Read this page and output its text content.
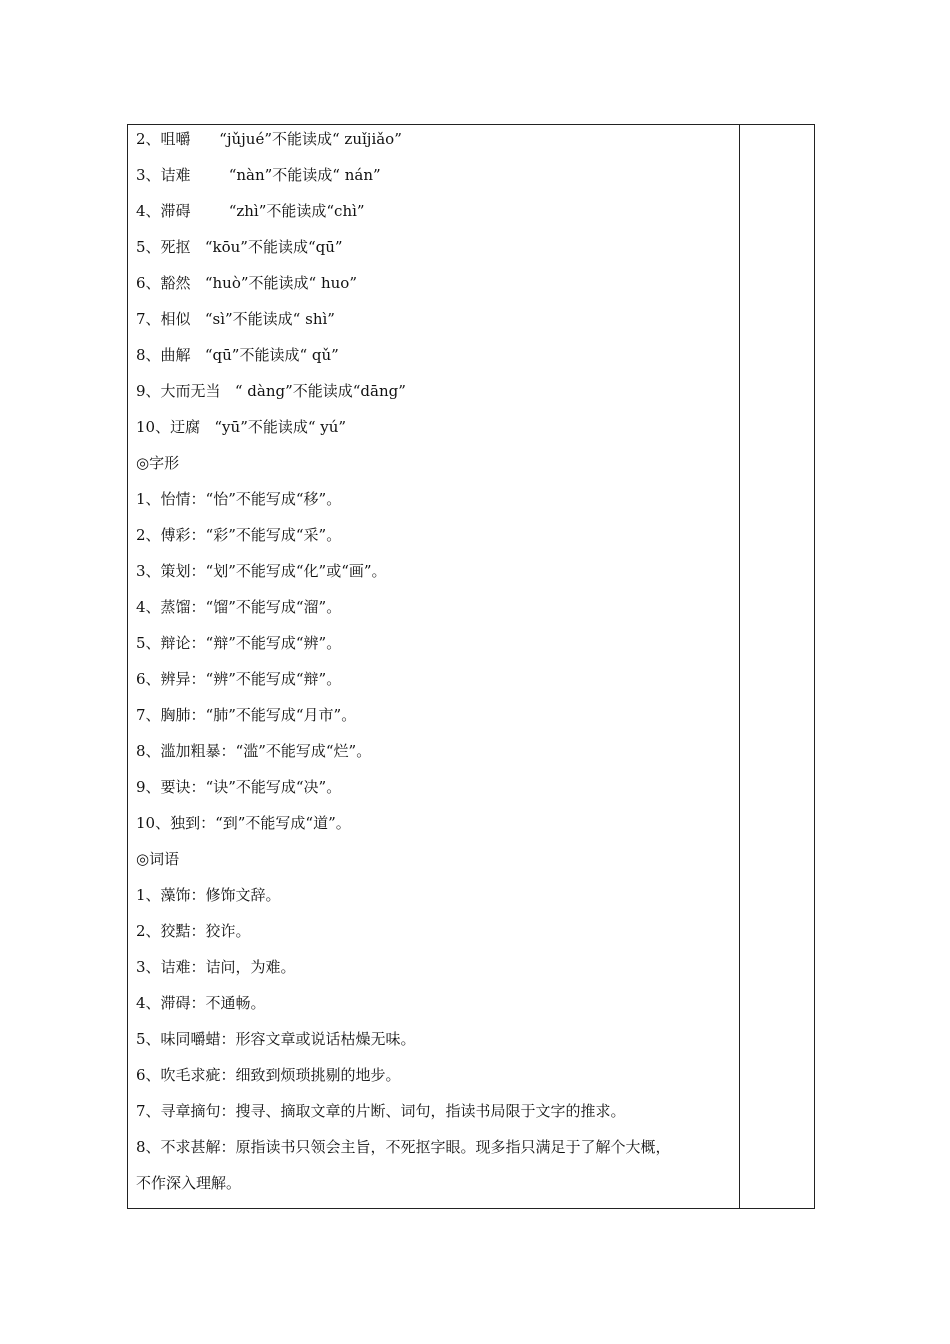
2、咀嚼      “jǔjué”不能读成“ zuǐjiǎo”
3、诘难        “nàn”不能读成“ nán”
4、滞碍        “zhì”不能读成“chì”
5、死抠   “kōu”不能读成“qū”
6、豁然   “huò”不能读成“ huo”
7、相似   “sì”不能读成“ shì”
8、曲解   “qū”不能读成“ qǔ”
9、大而无当   “ dàng”不能读成“dāng”
10、迂腐   “yū”不能读成“ yú”
◎字形
1、怡情：“怡”不能写成“移”。
2、傅彩：“彩”不能写成“采”。
3、策划：“划”不能写成“化”或“画”。
4、蒸馏：“馏”不能写成“溜”。
5、辩论：“辩”不能写成“辨”。
6、辨异：“辨”不能写成“辩”。
7、胸肺：“肺”不能写成“月市”。
8、滥加粗暴：“滥”不能写成“烂”。
9、要诀：“诀”不能写成“决”。
10、独到：“到”不能写成“道”。
◎词语
1、藻饰：修饰文辞。
2、狡黠：狡诈。
3、诘难：诘问，为难。
4、滞碍：不通畅。
5、味同嚼蜡：形容文章或说话枯燥无味。
6、吹毛求疵：细致到烦琐挑剔的地步。
7、寻章摘句：搜寻、摘取文章的片断、词句，指读书局限于文字的推求。
8、不求甚解：原指读书只领会主旨，不死抠字眼。现多指只满足于了解个大概，
不作深入理解。
